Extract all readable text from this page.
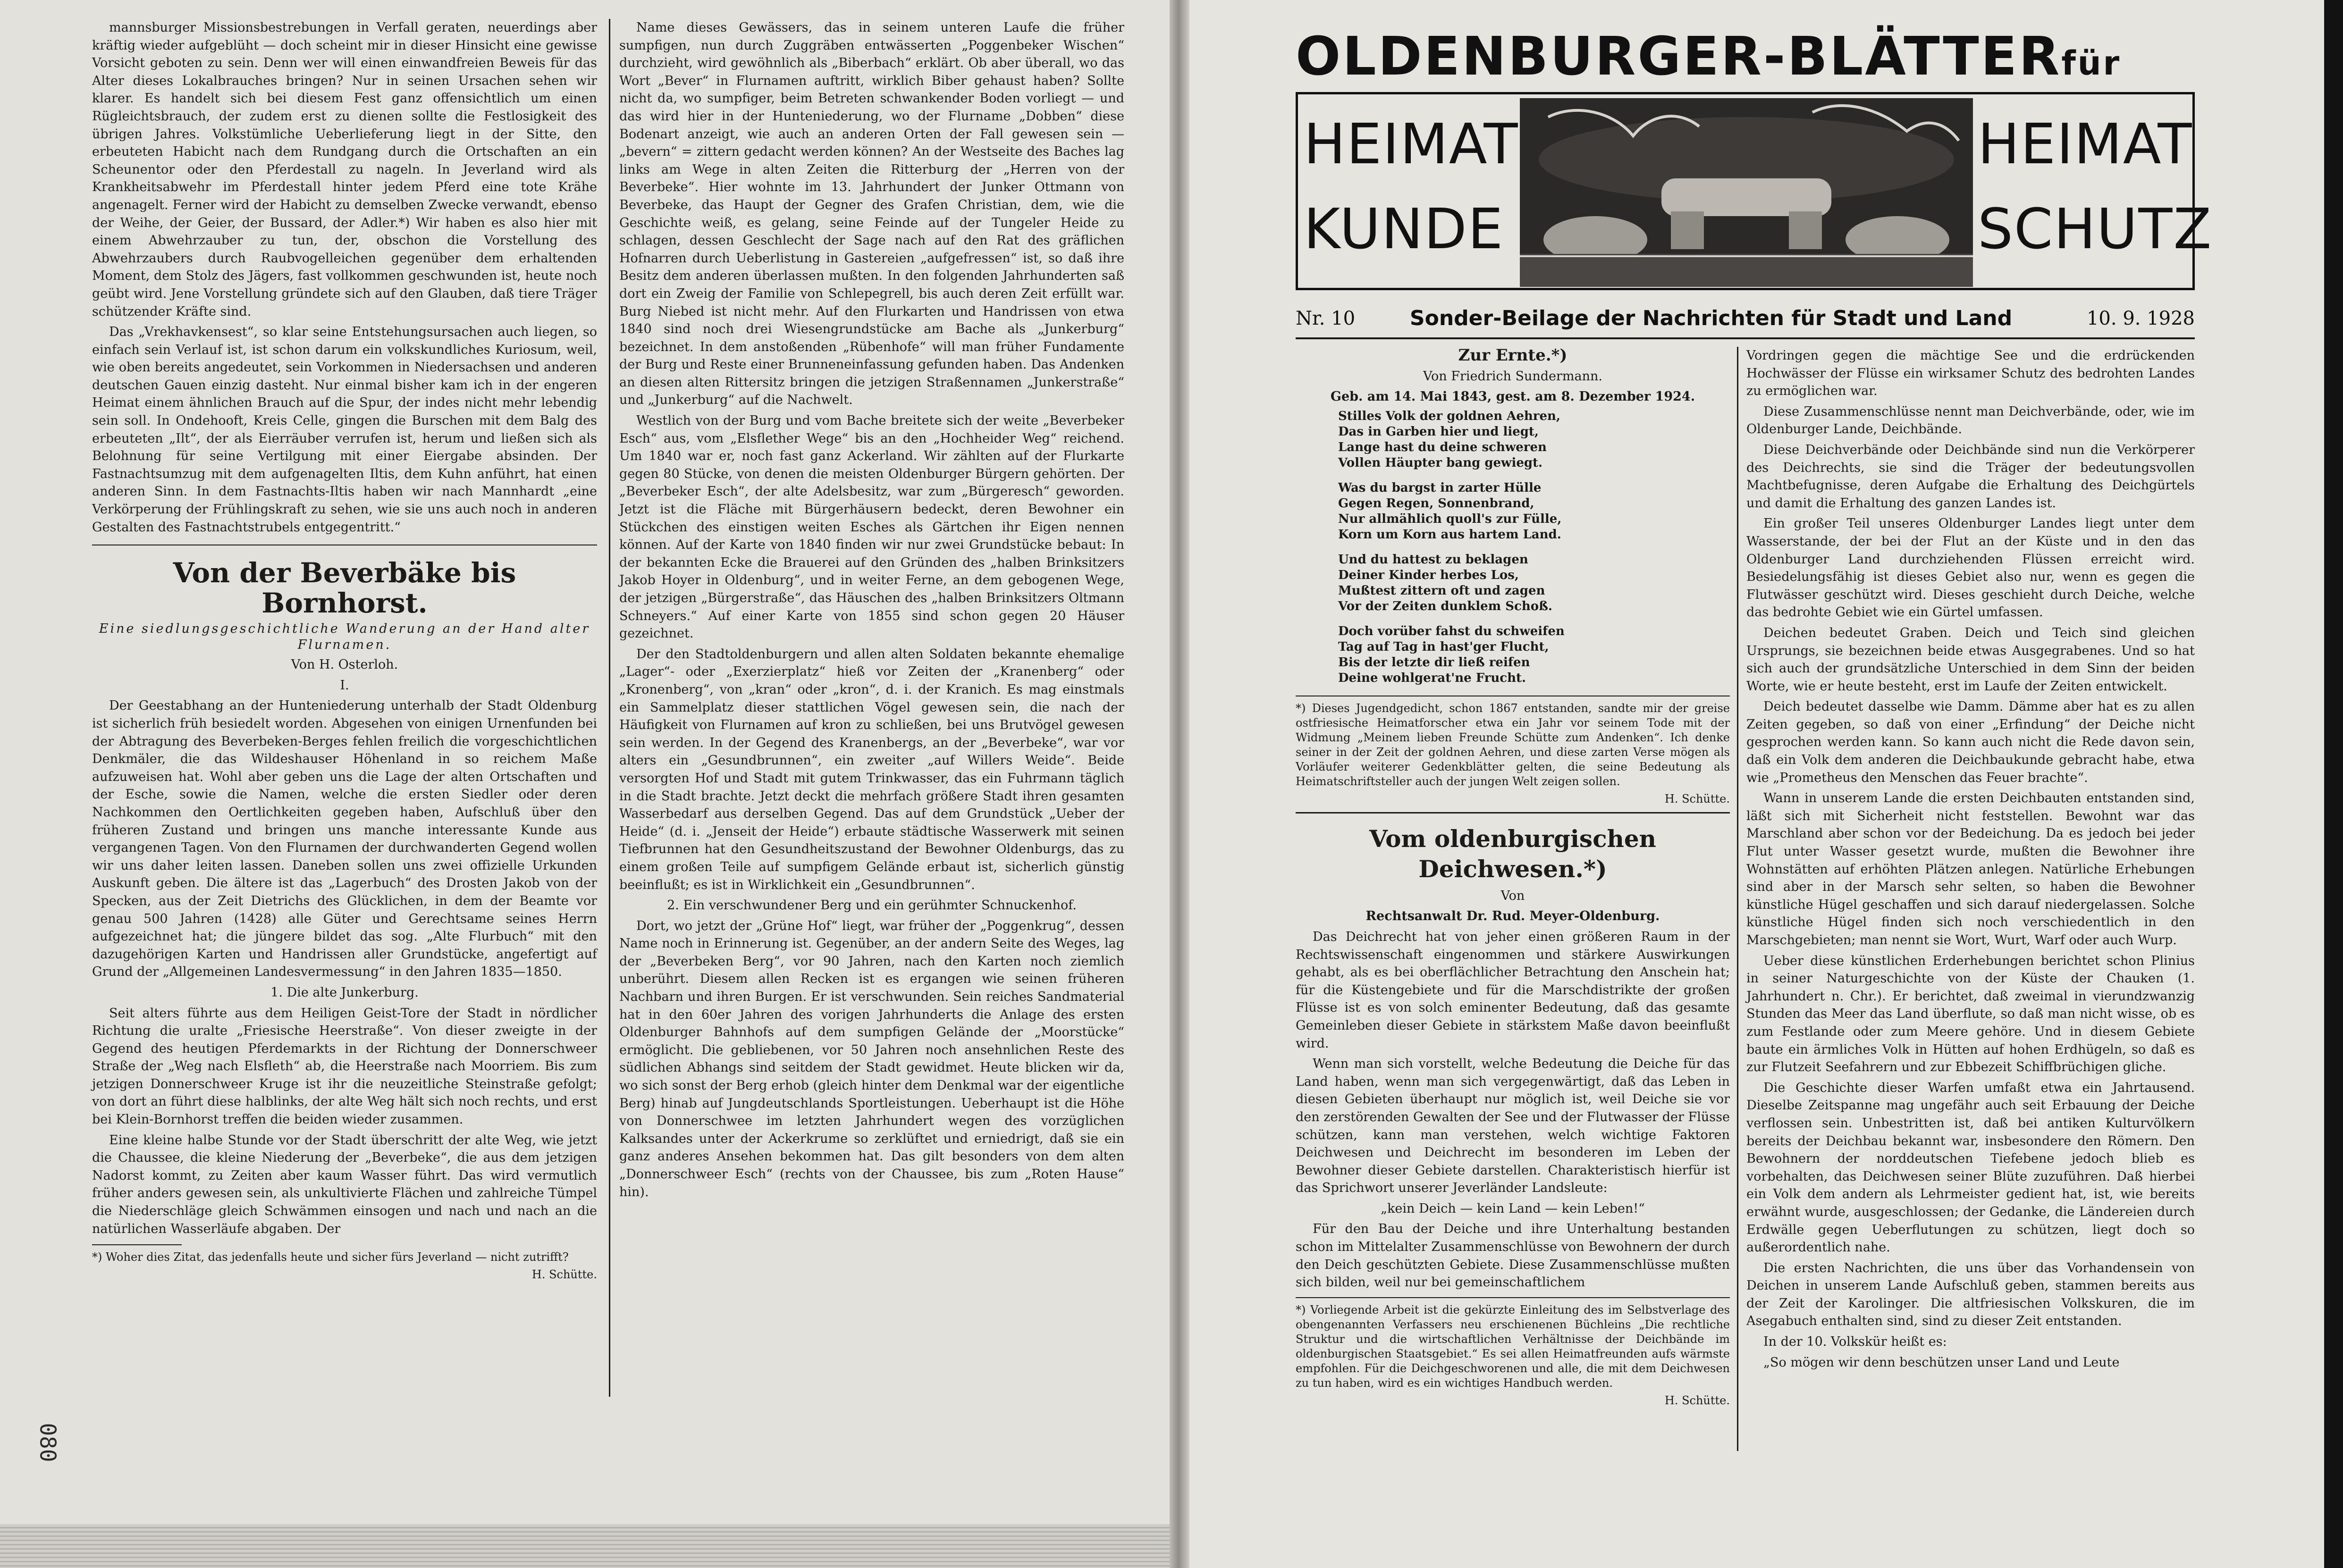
mannsburger Missionsbestrebungen in Verfall geraten, neuerdings aber kräftig wieder aufgeblüht — doch scheint mir in dieser Hinsicht eine gewisse Vorsicht geboten zu sein. Denn wer will einen einwandfreien Beweis für das Alter dieses Lokalbrauches bringen? Nur in seinen Ursachen sehen wir klarer. Es handelt sich bei diesem Fest ganz offensichtlich um einen Rügleichtsbrauch, der zudem erst zu dienen sollte die Festlosigkeit des übrigen Jahres. Volkstümliche Ueberlieferung liegt in der Sitte, den erbeuteten Habicht nach dem Rundgang durch die Ortschaften an ein Scheunentor oder den Pferdestall zu nageln. In Jeverland wird als Krankheitsabwehr im Pferdestall hinter jedem Pferd eine tote Krähe angenagelt. Ferner wird der Habicht zu demselben Zwecke verwandt, ebenso der Weihe, der Geier, der Bussard, der Adler.*) Wir haben es also hier mit einem Abwehrzauber zu tun, der, obschon die Vorstellung des Abwehrzaubers durch Raubvogelleichen gegenüber dem erhaltenden Moment, dem Stolz des Jägers, fast vollkommen geschwunden ist, heute noch geübt wird. Jene Vorstellung gründete sich auf den Glauben, daß tiere Träger schützender Kräfte sind.

Das „Vrekhavkensest“, so klar seine Entstehungsursachen auch liegen, so einfach sein Verlauf ist, ist schon darum ein volkskundliches Kuriosum, weil, wie oben bereits angedeutet, sein Vorkommen in Niedersachsen und anderen deutschen Gauen einzig dasteht. Nur einmal bisher kam ich in der engeren Heimat einem ähnlichen Brauch auf die Spur, der indes nicht mehr lebendig sein soll. In Ondehooft, Kreis Celle, gingen die Burschen mit dem Balg des erbeuteten „Ilt“, der als Eierräuber verrufen ist, herum und ließen sich als Belohnung für seine Vertilgung mit einer Eiergabe absinden. Der Fastnachtsumzug mit dem aufgenagelten Iltis, dem Kuhn anführt, hat einen anderen Sinn. In dem Fastnachts-Iltis haben wir nach Mannhardt „eine Verkörperung der Frühlingskraft zu sehen, wie sie uns auch noch in anderen Gestalten des Fastnachtstrubels entgegentritt.“

Von der Beverbäke bis Bornhorst.

Eine siedlungsgeschichtliche Wanderung an der Hand alter Flurnamen.

Von H. Osterloh.

I.

Der Geestabhang an der Hunteniederung unterhalb der Stadt Oldenburg ist sicherlich früh besiedelt worden. Abgesehen von einigen Urnenfunden bei der Abtragung des Beverbeken-Berges fehlen freilich die vorgeschichtlichen Denkmäler, die das Wildeshauser Höhenland in so reichem Maße aufzuweisen hat. Wohl aber geben uns die Lage der alten Ortschaften und der Esche, sowie die Namen, welche die ersten Siedler oder deren Nachkommen den Oertlichkeiten gegeben haben, Aufschluß über den früheren Zustand und bringen uns manche interessante Kunde aus vergangenen Tagen. Von den Flurnamen der durchwanderten Gegend wollen wir uns daher leiten lassen. Daneben sollen uns zwei offizielle Urkunden Auskunft geben. Die ältere ist das „Lagerbuch“ des Drosten Jakob von der Specken, aus der Zeit Dietrichs des Glücklichen, in dem der Beamte vor genau 500 Jahren (1428) alle Güter und Gerechtsame seines Herrn aufgezeichnet hat; die jüngere bildet das sog. „Alte Flurbuch“ mit den dazugehörigen Karten und Handrissen aller Grundstücke, angefertigt auf Grund der „Allgemeinen Landesvermessung“ in den Jahren 1835—1850.

1. Die alte Junkerburg.

Seit alters führte aus dem Heiligen Geist-Tore der Stadt in nördlicher Richtung die uralte „Friesische Heerstraße“. Von dieser zweigte in der Gegend des heutigen Pferdemarkts in der Richtung der Donnerschweer Straße der „Weg nach Elsfleth“ ab, die Heerstraße nach Moorriem. Bis zum jetzigen Donnerschweer Kruge ist ihr die neuzeitliche Steinstraße gefolgt; von dort an führt diese halblinks, der alte Weg hält sich noch rechts, und erst bei Klein-Bornhorst treffen die beiden wieder zusammen.

Eine kleine halbe Stunde vor der Stadt überschritt der alte Weg, wie jetzt die Chaussee, die kleine Niederung der „Beverbeke“, die aus dem jetzigen Nadorst kommt, zu Zeiten aber kaum Wasser führt. Das wird vermutlich früher anders gewesen sein, als unkultivierte Flächen und zahlreiche Tümpel die Niederschläge gleich Schwämmen einsogen und nach und nach an die natürlichen Wasserläufe abgaben. Der

*) Woher dies Zitat, das jedenfalls heute und sicher fürs Jeverland — nicht zutrifft?

H. Schütte.

Name dieses Gewässers, das in seinem unteren Laufe die früher sumpfigen, nun durch Zuggräben entwässerten „Poggenbeker Wischen“ durchzieht, wird gewöhnlich als „Biberbach“ erklärt. Ob aber überall, wo das Wort „Bever“ in Flurnamen auftritt, wirklich Biber gehaust haben? Sollte nicht da, wo sumpfiger, beim Betreten schwankender Boden vorliegt — und das wird hier in der Hunteniederung, wo der Flurname „Dobben“ diese Bodenart anzeigt, wie auch an anderen Orten der Fall gewesen sein — „bevern“ = zittern gedacht werden können? An der Westseite des Baches lag links am Wege in alten Zeiten die Ritterburg der „Herren von der Beverbeke“. Hier wohnte im 13. Jahrhundert der Junker Ottmann von Beverbeke, das Haupt der Gegner des Grafen Christian, dem, wie die Geschichte weiß, es gelang, seine Feinde auf der Tungeler Heide zu schlagen, dessen Geschlecht der Sage nach auf den Rat des gräflichen Hofnarren durch Ueberlistung in Gastereien „aufgefressen“ ist, so daß ihre Besitz dem anderen überlassen mußten. In den folgenden Jahrhunderten saß dort ein Zweig der Familie von Schlepegrell, bis auch deren Zeit erfüllt war. Burg Niebed ist nicht mehr. Auf den Flurkarten und Handrissen von etwa 1840 sind noch drei Wiesengrundstücke am Bache als „Junkerburg“ bezeichnet. In dem anstoßenden „Rübenhofe“ will man früher Fundamente der Burg und Reste einer Brunneneinfassung gefunden haben. Das Andenken an diesen alten Rittersitz bringen die jetzigen Straßennamen „Junkerstraße“ und „Junkerburg“ auf die Nachwelt.

Westlich von der Burg und vom Bache breitete sich der weite „Beverbeker Esch“ aus, vom „Elsflether Wege“ bis an den „Hochheider Weg“ reichend. Um 1840 war er, noch fast ganz Ackerland. Wir zählten auf der Flurkarte gegen 80 Stücke, von denen die meisten Oldenburger Bürgern gehörten. Der „Beverbeker Esch“, der alte Adelsbesitz, war zum „Bürgeresch“ geworden. Jetzt ist die Fläche mit Bürgerhäusern bedeckt, deren Bewohner ein Stückchen des einstigen weiten Esches als Gärtchen ihr Eigen nennen können. Auf der Karte von 1840 finden wir nur zwei Grundstücke bebaut: In der bekannten Ecke die Brauerei auf den Gründen des „halben Brinksitzers Jakob Hoyer in Oldenburg“, und in weiter Ferne, an dem gebogenen Wege, der jetzigen „Bürgerstraße“, das Häuschen des „halben Brinksitzers Oltmann Schneyers.“ Auf einer Karte von 1855 sind schon gegen 20 Häuser gezeichnet.

Der den Stadtoldenburgern und allen alten Soldaten bekannte ehemalige „Lager“- oder „Exerzierplatz“ hieß vor Zeiten der „Kranenberg“ oder „Kronenberg“, von „kran“ oder „kron“, d. i. der Kranich. Es mag einstmals ein Sammelplatz dieser stattlichen Vögel gewesen sein, die nach der Häufigkeit von Flurnamen auf kron zu schließen, bei uns Brutvögel gewesen sein werden. In der Gegend des Kranenbergs, an der „Beverbeke“, war vor alters ein „Gesundbrunnen“, ein zweiter „auf Willers Weide“. Beide versorgten Hof und Stadt mit gutem Trinkwasser, das ein Fuhrmann täglich in die Stadt brachte. Jetzt deckt die mehrfach größere Stadt ihren gesamten Wasserbedarf aus derselben Gegend. Das auf dem Grundstück „Ueber der Heide“ (d. i. „Jenseit der Heide“) erbaute städtische Wasserwerk mit seinen Tiefbrunnen hat den Gesundheitszustand der Bewohner Oldenburgs, das zu einem großen Teile auf sumpfigem Gelände erbaut ist, sicherlich günstig beeinflußt; es ist in Wirklichkeit ein „Gesundbrunnen“.

2. Ein verschwundener Berg und ein gerühmter Schnuckenhof.

Dort, wo jetzt der „Grüne Hof“ liegt, war früher der „Poggenkrug“, dessen Name noch in Erinnerung ist. Gegenüber, an der andern Seite des Weges, lag der „Beverbeken Berg“, vor 90 Jahren, nach den Karten noch ziemlich unberührt. Diesem allen Recken ist es ergangen wie seinen früheren Nachbarn und ihren Burgen. Er ist verschwunden. Sein reiches Sandmaterial hat in den 60er Jahren des vorigen Jahrhunderts die Anlage des ersten Oldenburger Bahnhofs auf dem sumpfigen Gelände der „Moorstücke“ ermöglicht. Die gebliebenen, vor 50 Jahren noch ansehnlichen Reste des südlichen Abhangs sind seitdem der Stadt gewidmet. Heute blicken wir da, wo sich sonst der Berg erhob (gleich hinter dem Denkmal war der eigentliche Berg) hinab auf Jungdeutschlands Sportleistungen. Ueberhaupt ist die Höhe von Donnerschwee im letzten Jahrhundert wegen des vorzüglichen Kalksandes unter der Ackerkrume so zerklüftet und erniedrigt, daß sie ein ganz anderes Ansehen bekommen hat. Das gilt besonders von dem alten „Donnerschweer Esch“ (rechts von der Chaussee, bis zum „Roten Hause“ hin).

080
OLDENBURGER-BLÄTTERfür
HEIMAT
KUNDE
HEIMAT
SCHUTZ
Nr. 10	Sonder-Beilage der Nachrichten für Stadt und Land	10. 9. 1928

Zur Ernte.*)

Von Friedrich Sundermann.

Geb. am 14. Mai 1843, gest. am 8. Dezember 1924.

Stilles Volk der goldnen Aehren,
Das in Garben hier und liegt,
Lange hast du deine schweren
Vollen Häupter bang gewiegt.

Was du bargst in zarter Hülle
Gegen Regen, Sonnenbrand,
Nur allmählich quoll's zur Fülle,
Korn um Korn aus hartem Land.

Und du hattest zu beklagen
Deiner Kinder herbes Los,
Mußtest zittern oft und zagen
Vor der Zeiten dunklem Schoß.

Doch vorüber fahst du schweifen
Tag auf Tag in hast'ger Flucht,
Bis der letzte dir ließ reifen
Deine wohlgerat'ne Frucht.

*) Dieses Jugendgedicht, schon 1867 entstanden, sandte mir der greise ostfriesische Heimatforscher etwa ein Jahr vor seinem Tode mit der Widmung „Meinem lieben Freunde Schütte zum Andenken“. Ich denke seiner in der Zeit der goldnen Aehren, und diese zarten Verse mögen als Vorläufer weiterer Gedenkblätter gelten, die seine Bedeutung als Heimatschriftsteller auch der jungen Welt zeigen sollen.

H. Schütte.

Vom oldenburgischen Deichwesen.*)

Von

Rechtsanwalt Dr. Rud. Meyer-Oldenburg.

Das Deichrecht hat von jeher einen größeren Raum in der Rechtswissenschaft eingenommen und stärkere Auswirkungen gehabt, als es bei oberflächlicher Betrachtung den Anschein hat; für die Küstengebiete und für die Marschdistrikte der großen Flüsse ist es von solch eminenter Bedeutung, daß das gesamte Gemeinleben dieser Gebiete in stärkstem Maße davon beeinflußt wird.

Wenn man sich vorstellt, welche Bedeutung die Deiche für das Land haben, wenn man sich vergegenwärtigt, daß das Leben in diesen Gebieten überhaupt nur möglich ist, weil Deiche sie vor den zerstörenden Gewalten der See und der Flutwasser der Flüsse schützen, kann man verstehen, welch wichtige Faktoren Deichwesen und Deichrecht im besonderen im Leben der Bewohner dieser Gebiete darstellen. Charakteristisch hierfür ist das Sprichwort unserer Jeverländer Landsleute:

„kein Deich — kein Land — kein Leben!“

Für den Bau der Deiche und ihre Unterhaltung bestanden schon im Mittelalter Zusammenschlüsse von Bewohnern der durch den Deich geschützten Gebiete. Diese Zusammenschlüsse mußten sich bilden, weil nur bei gemeinschaftlichem

*) Vorliegende Arbeit ist die gekürzte Einleitung des im Selbstverlage des obengenannten Verfassers neu erschienenen Büchleins „Die rechtliche Struktur und die wirtschaftlichen Verhältnisse der Deichbände im oldenburgischen Staatsgebiet.“ Es sei allen Heimatfreunden aufs wärmste empfohlen. Für die Deichgeschworenen und alle, die mit dem Deichwesen zu tun haben, wird es ein wichtiges Handbuch werden.

H. Schütte.

Vordringen gegen die mächtige See und die erdrückenden Hochwässer der Flüsse ein wirksamer Schutz des bedrohten Landes zu ermöglichen war.

Diese Zusammenschlüsse nennt man Deichverbände, oder, wie im Oldenburger Lande, Deichbände.

Diese Deichverbände oder Deichbände sind nun die Verkörperer des Deichrechts, sie sind die Träger der bedeutungsvollen Machtbefugnisse, deren Aufgabe die Erhaltung des Deichgürtels und damit die Erhaltung des ganzen Landes ist.

Ein großer Teil unseres Oldenburger Landes liegt unter dem Wasserstande, der bei der Flut an der Küste und in den das Oldenburger Land durchziehenden Flüssen erreicht wird. Besiedelungsfähig ist dieses Gebiet also nur, wenn es gegen die Flutwässer geschützt wird. Dieses geschieht durch Deiche, welche das bedrohte Gebiet wie ein Gürtel umfassen.

Deichen bedeutet Graben. Deich und Teich sind gleichen Ursprungs, sie bezeichnen beide etwas Ausgegrabenes. Und so hat sich auch der grundsätzliche Unterschied in dem Sinn der beiden Worte, wie er heute besteht, erst im Laufe der Zeiten entwickelt.

Deich bedeutet dasselbe wie Damm. Dämme aber hat es zu allen Zeiten gegeben, so daß von einer „Erfindung“ der Deiche nicht gesprochen werden kann. So kann auch nicht die Rede davon sein, daß ein Volk dem anderen die Deichbaukunde gebracht habe, etwa wie „Prometheus den Menschen das Feuer brachte“.

Wann in unserem Lande die ersten Deichbauten entstanden sind, läßt sich mit Sicherheit nicht feststellen. Bewohnt war das Marschland aber schon vor der Bedeichung. Da es jedoch bei jeder Flut unter Wasser gesetzt wurde, mußten die Bewohner ihre Wohnstätten auf erhöhten Plätzen anlegen. Natürliche Erhebungen sind aber in der Marsch sehr selten, so haben die Bewohner künstliche Hügel geschaffen und sich darauf niedergelassen. Solche künstliche Hügel finden sich noch verschiedentlich in den Marschgebieten; man nennt sie Wort, Wurt, Warf oder auch Wurp.

Ueber diese künstlichen Erderhebungen berichtet schon Plinius in seiner Naturgeschichte von der Küste der Chauken (1. Jahrhundert n. Chr.). Er berichtet, daß zweimal in vierundzwanzig Stunden das Meer das Land überflute, so daß man nicht wisse, ob es zum Festlande oder zum Meere gehöre. Und in diesem Gebiete baute ein ärmliches Volk in Hütten auf hohen Erdhügeln, so daß es zur Flutzeit Seefahrern und zur Ebbezeit Schiffbrüchigen gliche.

Die Geschichte dieser Warfen umfaßt etwa ein Jahrtausend. Dieselbe Zeitspanne mag ungefähr auch seit Erbauung der Deiche verflossen sein. Unbestritten ist, daß bei antiken Kulturvölkern bereits der Deichbau bekannt war, insbesondere den Römern. Den Bewohnern der norddeutschen Tiefebene jedoch blieb es vorbehalten, das Deichwesen seiner Blüte zuzuführen. Daß hierbei ein Volk dem andern als Lehrmeister gedient hat, ist, wie bereits erwähnt wurde, ausgeschlossen; der Gedanke, die Ländereien durch Erdwälle gegen Ueberflutungen zu schützen, liegt doch so außerordentlich nahe.

Die ersten Nachrichten, die uns über das Vorhandensein von Deichen in unserem Lande Aufschluß geben, stammen bereits aus der Zeit der Karolinger. Die altfriesischen Volkskuren, die im Asegabuch enthalten sind, sind zu dieser Zeit entstanden.

In der 10. Volkskür heißt es:

„So mögen wir denn beschützen unser Land und Leute
